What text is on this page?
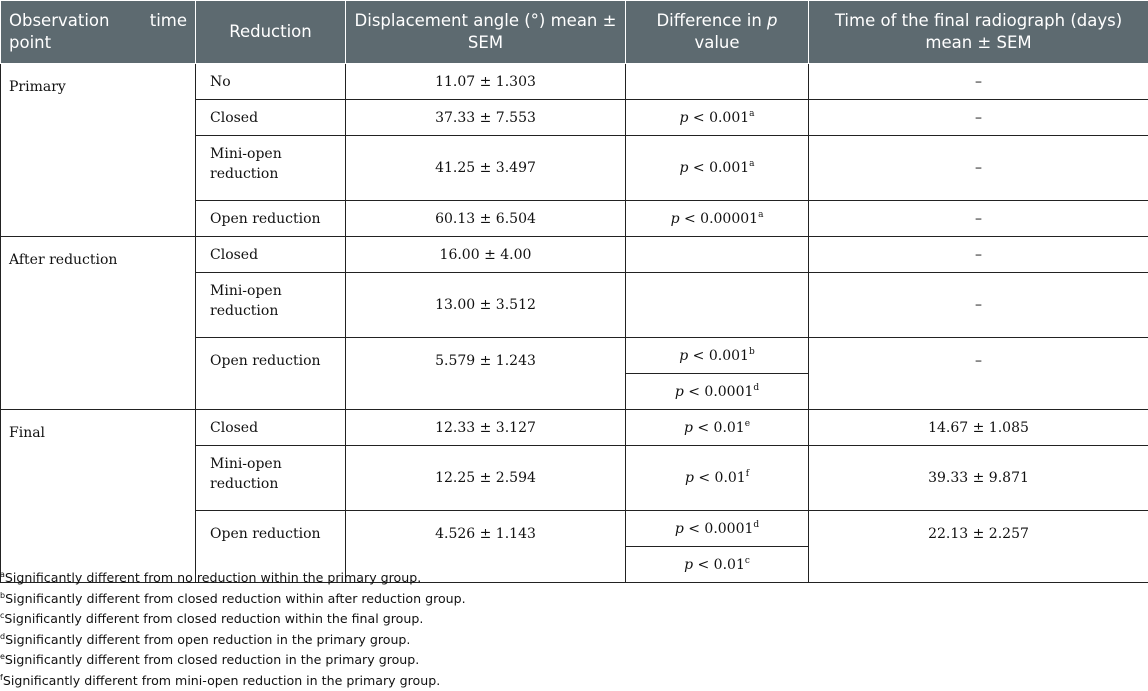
Observation time point	Reduction	Displacement angle (°) mean ± SEM	Difference in p value	Time of the final radiograph (days) mean ± SEM
Primary	No	11.07 ± 1.303		–
	Closed	37.33 ± 7.553	p < 0.001$^a$	–
	Mini-open reduction	41.25 ± 3.497	p < 0.001$^a$	–
	Open reduction	60.13 ± 6.504	p < 0.00001$^a$	–
After reduction	Closed	16.00 ± 4.00		–
	Mini-open reduction	13.00 ± 3.512		–
	Open reduction	5.579 ± 1.243	p < 0.001$^b$	–
			p < 0.0001$^d$
Final	Closed	12.33 ± 3.127	p < 0.01$^e$	14.67 ± 1.085
	Mini-open reduction	12.25 ± 2.594	p < 0.01$^f$	39.33 ± 9.871
	Open reduction	4.526 ± 1.143	p < 0.0001$^d$	22.13 ± 2.257
			p < 0.01$^c$
$^a$Significantly different from no reduction within the primary group.
$^b$Significantly different from closed reduction within after reduction group.
$^c$Significantly different from closed reduction within the final group.
$^d$Significantly different from open reduction in the primary group.
$^e$Significantly different from closed reduction in the primary group.
$^f$Significantly different from mini-open reduction in the primary group.
